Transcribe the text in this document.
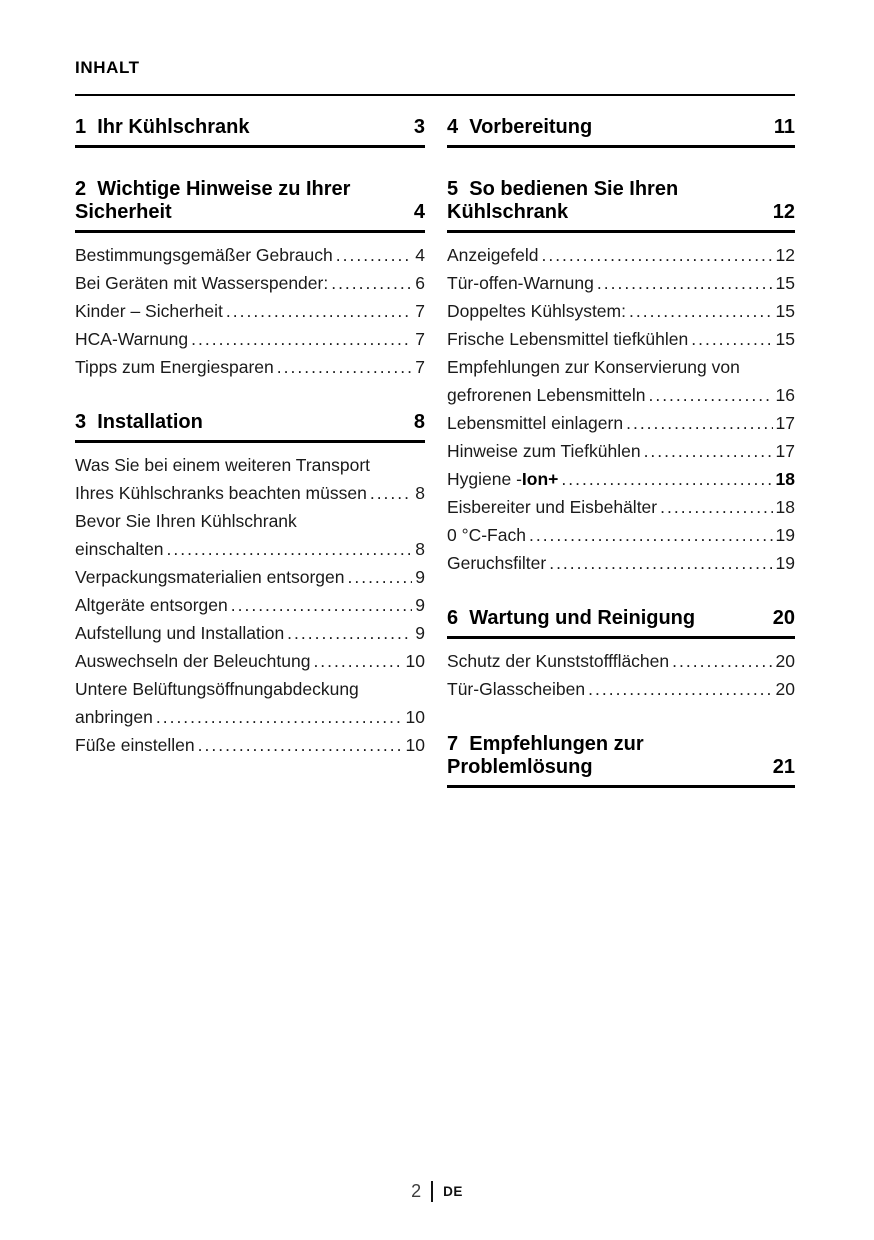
INHALT
1  Ihr Kühlschrank	3
2  Wichtige Hinweise zu Ihrer Sicherheit	4
Bestimmungsgemäßer Gebrauch .....	4
Bei Geräten mit Wasserspender: .....	6
Kinder – Sicherheit .....	7
HCA-Warnung .....	7
Tipps zum Energiesparen .....	7
3  Installation	8
Was Sie bei einem weiteren Transport
Ihres Kühlschranks beachten müssen .....	8
Bevor Sie Ihren Kühlschrank
einschalten .....	8
Verpackungsmaterialien entsorgen .....	9
Altgeräte entsorgen .....	9
Aufstellung und Installation .....	9
Auswechseln der Beleuchtung .....	10
Untere Belüftungsöffnungabdeckung
anbringen .....	10
Füße einstellen .....	10
4  Vorbereitung	11
5  So bedienen Sie Ihren Kühlschrank	12
Anzeigefeld .....	12
Tür-offen-Warnung .....	15
Doppeltes Kühlsystem: .....	15
Frische Lebensmittel tiefkühlen .....	15
Empfehlungen zur Konservierung von
gefrorenen Lebensmitteln .....	16
Lebensmittel einlagern .....	17
Hinweise zum Tiefkühlen .....	17
Hygiene - Ion+ .....	18
Eisbereiter und Eisbehälter .....	18
0 °C-Fach .....	19
Geruchsfilter .....	19
6  Wartung und Reinigung	20
Schutz der Kunststoffflächen .....	20
Tür-Glasscheiben .....	20
7  Empfehlungen zur Problemlösung	21
2 DE
